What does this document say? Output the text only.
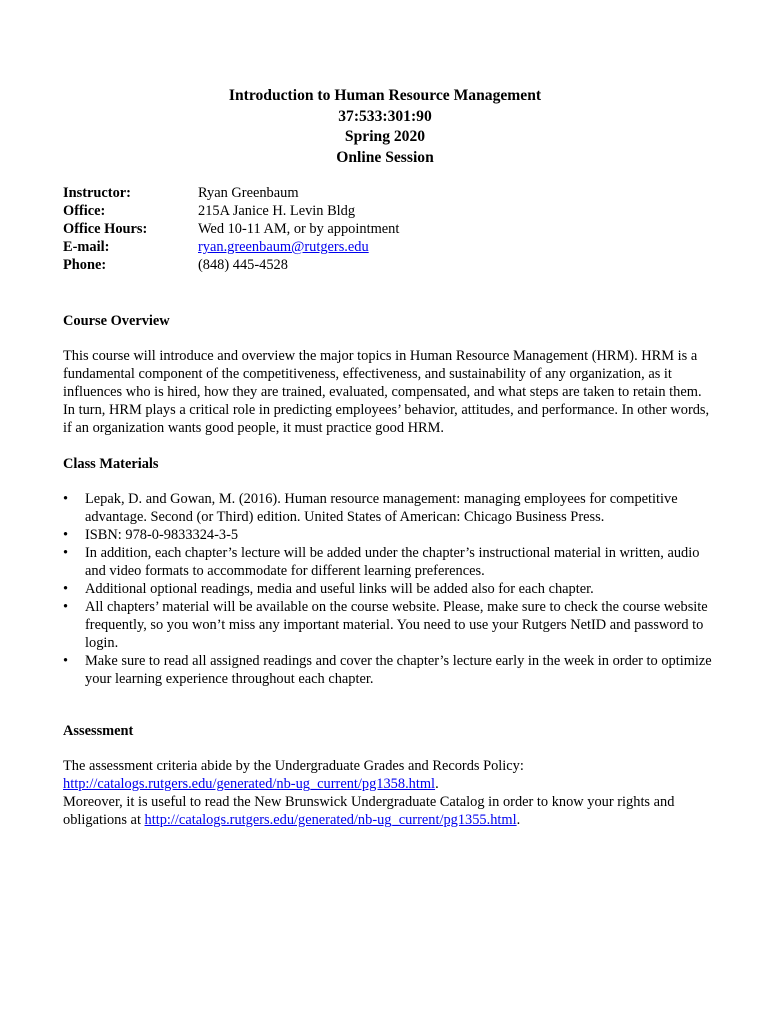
Introduction to Human Resource Management
37:533:301:90
Spring 2020
Online Session
Instructor:	Ryan Greenbaum
Office:	215A Janice H. Levin Bldg
Office Hours:	Wed 10-11 AM, or by appointment
E-mail:	ryan.greenbaum@rutgers.edu
Phone:	(848) 445-4528
Course Overview

This course will introduce and overview the major topics in Human Resource Management (HRM). HRM is a fundamental component of the competitiveness, effectiveness, and sustainability of any organization, as it influences who is hired, how they are trained, evaluated, compensated, and what steps are taken to retain them. In turn, HRM plays a critical role in predicting employees’ behavior, attitudes, and performance. In other words, if an organization wants good people, it must practice good HRM.

Class Materials
• Lepak, D. and Gowan, M. (2016). Human resource management: managing employees for competitive advantage. Second (or Third) edition. United States of American: Chicago Business Press.
• ISBN: 978-0-9833324-3-5
• In addition, each chapter’s lecture will be added under the chapter’s instructional material in written, audio and video formats to accommodate for different learning preferences.
• Additional optional readings, media and useful links will be added also for each chapter.
• All chapters’ material will be available on the course website. Please, make sure to check the course website frequently, so you won’t miss any important material. You need to use your Rutgers NetID and password to login.
• Make sure to read all assigned readings and cover the chapter’s lecture early in the week in order to optimize your learning experience throughout each chapter.
Assessment

The assessment criteria abide by the Undergraduate Grades and Records Policy:
http://catalogs.rutgers.edu/generated/nb-ug_current/pg1358.html.
Moreover, it is useful to read the New Brunswick Undergraduate Catalog in order to know your rights and obligations at http://catalogs.rutgers.edu/generated/nb-ug_current/pg1355.html.
